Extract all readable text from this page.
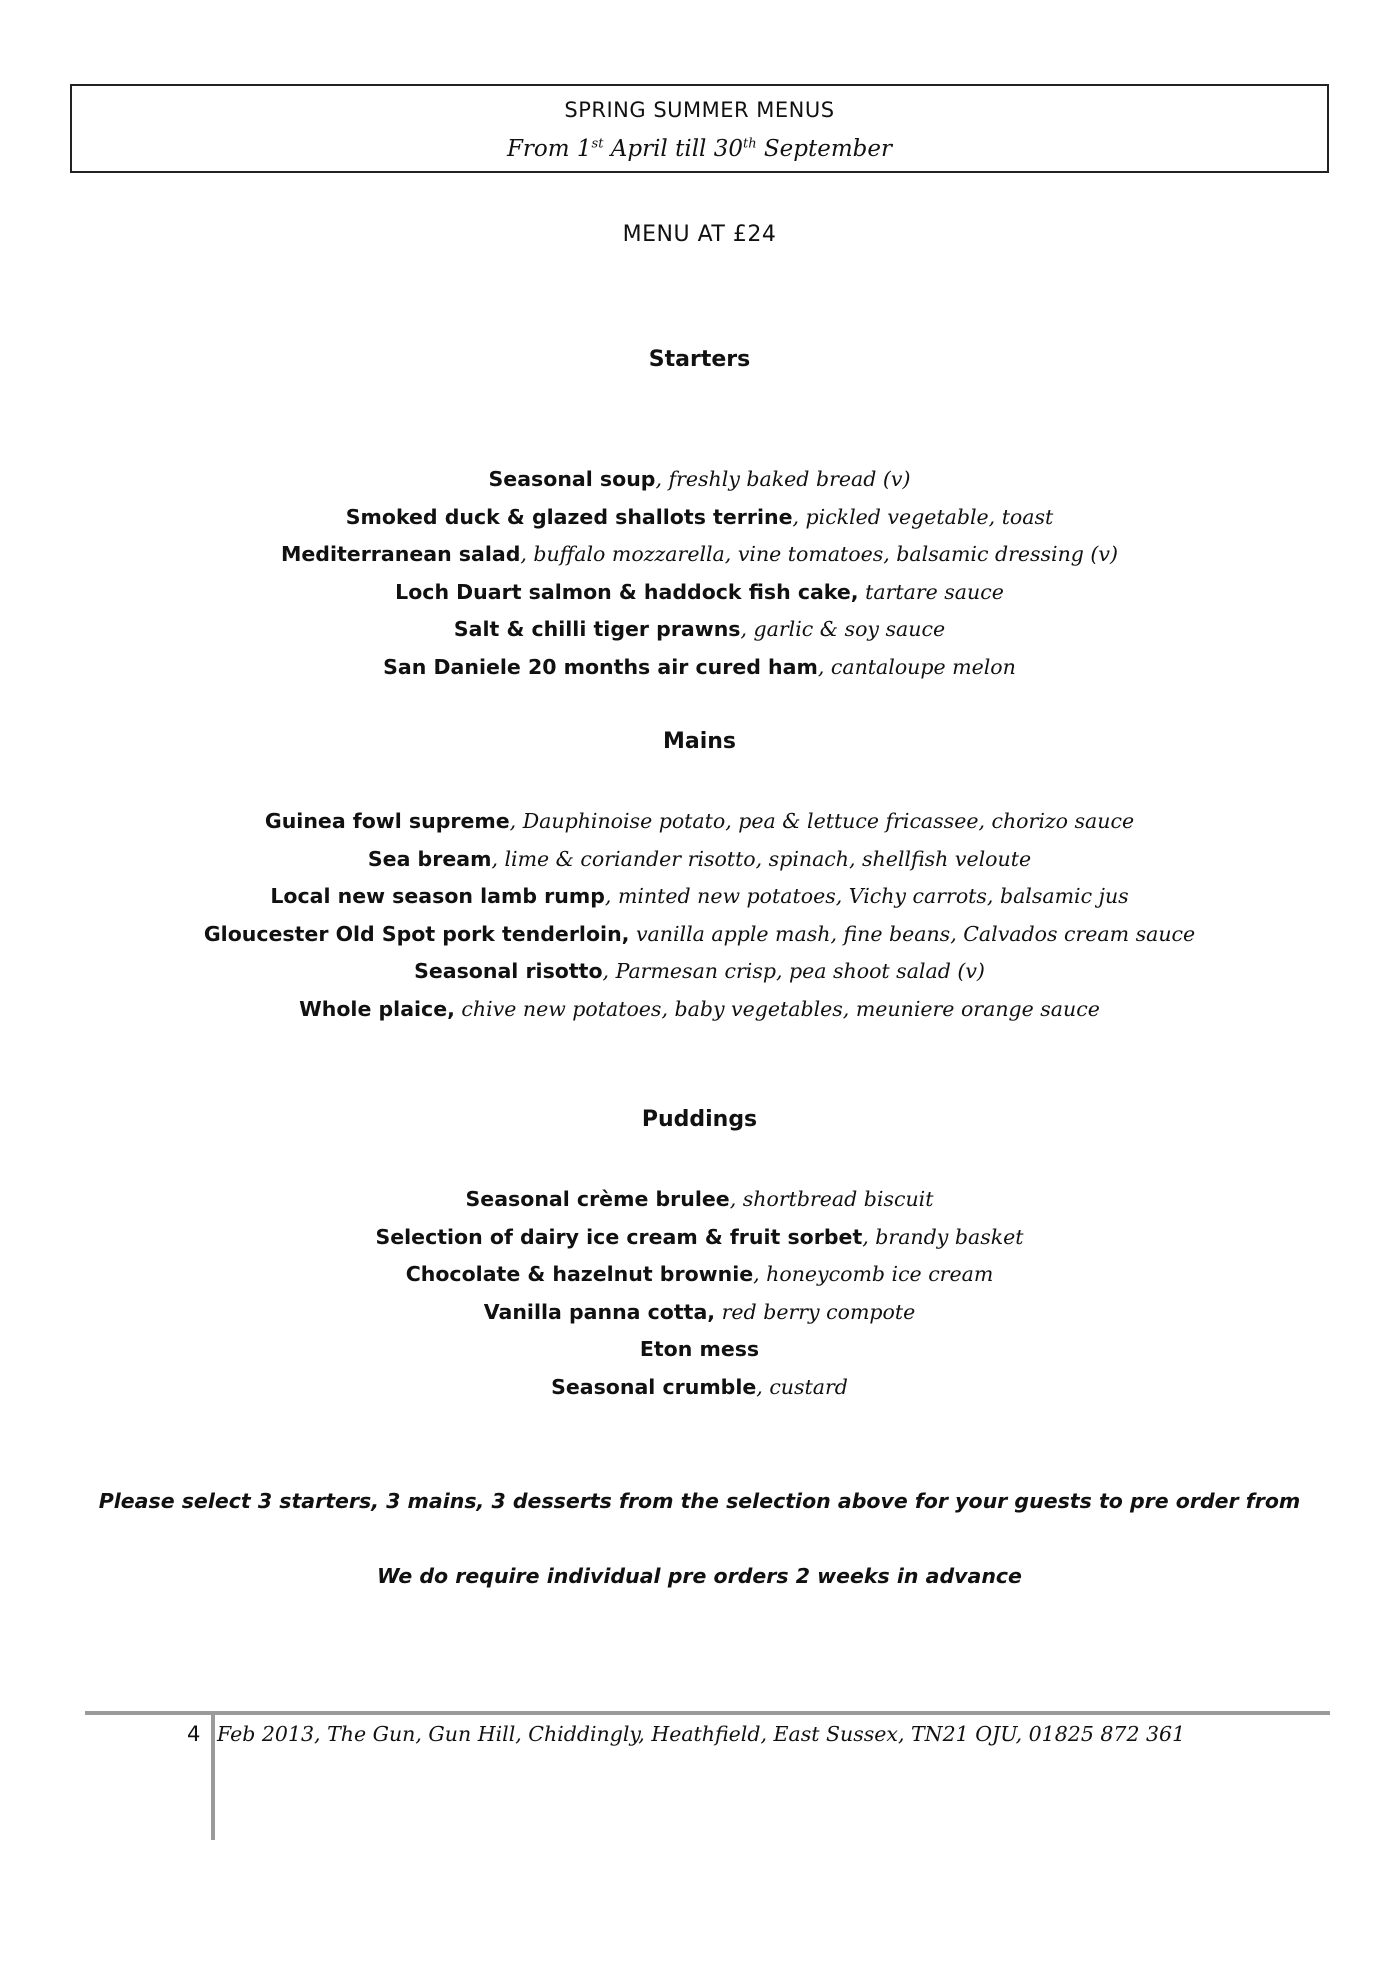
SPRING SUMMER MENUS
From 1st April till 30th September
MENU AT £24
Starters
Seasonal soup, freshly baked bread (v)
Smoked duck & glazed shallots terrine, pickled vegetable, toast
Mediterranean salad, buffalo mozzarella, vine tomatoes, balsamic dressing (v)
Loch Duart salmon & haddock fish cake, tartare sauce
Salt & chilli tiger prawns, garlic & soy sauce
San Daniele 20 months air cured ham, cantaloupe melon
Mains
Guinea fowl supreme, Dauphinoise potato, pea & lettuce fricassee, chorizo sauce
Sea bream, lime & coriander risotto, spinach, shellfish veloute
Local new season lamb rump, minted new potatoes, Vichy carrots, balsamic jus
Gloucester Old Spot pork tenderloin, vanilla apple mash, fine beans, Calvados cream sauce
Seasonal risotto, Parmesan crisp, pea shoot salad (v)
Whole plaice, chive new potatoes, baby vegetables, meuniere orange sauce
Puddings
Seasonal crème brulee, shortbread biscuit
Selection of dairy ice cream & fruit sorbet, brandy basket
Chocolate & hazelnut brownie, honeycomb ice cream
Vanilla panna cotta, red berry compote
Eton mess
Seasonal crumble, custard
Please select 3 starters, 3 mains, 3 desserts from the selection above for your guests to pre order from
We do require individual pre orders 2 weeks in advance
4 Feb 2013, The Gun, Gun Hill, Chiddingly, Heathfield, East Sussex, TN21 OJU, 01825 872 361
